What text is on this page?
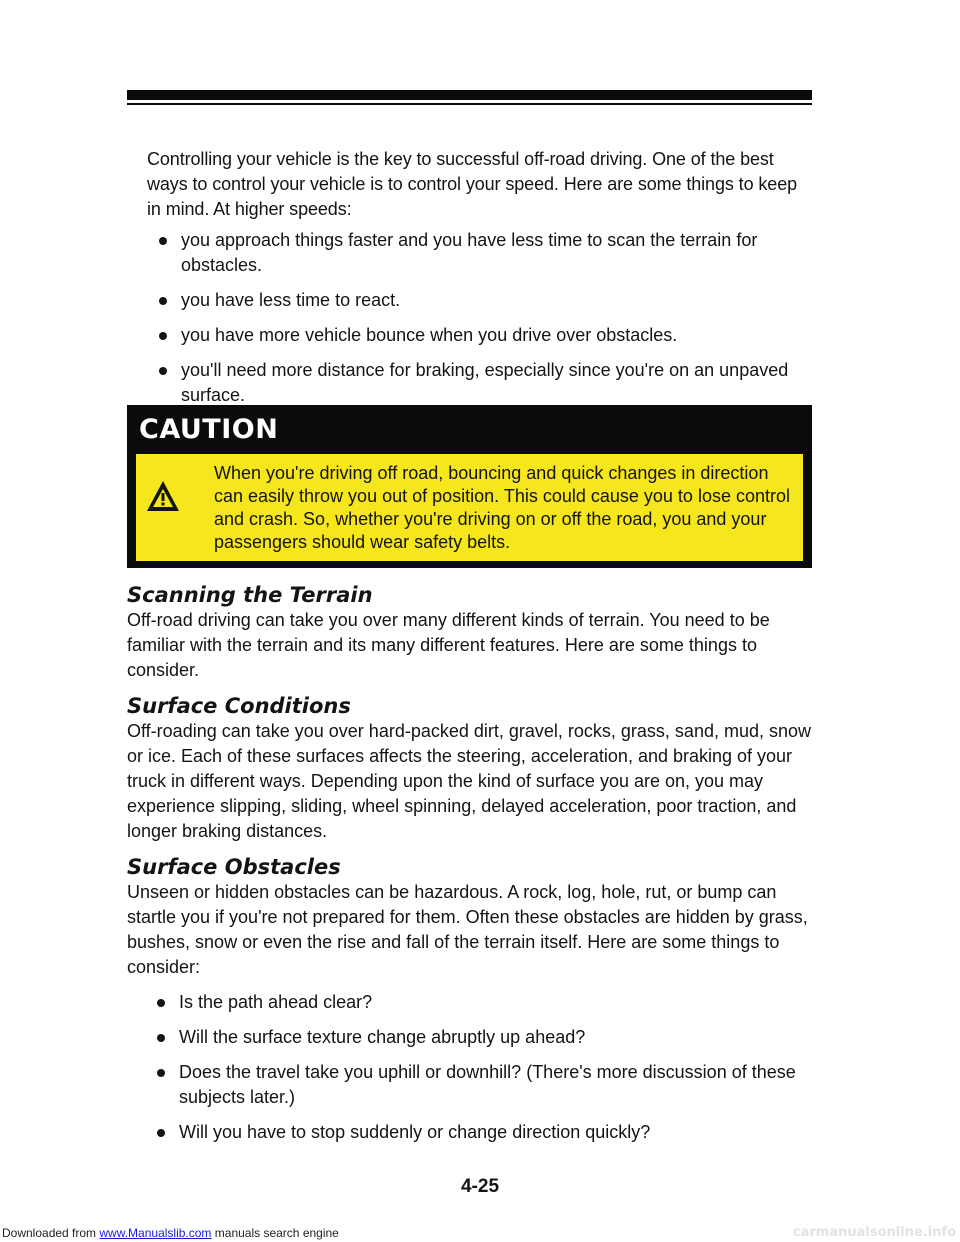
Controlling your vehicle is the key to successful off-road driving. One of the best ways to control your vehicle is to control your speed. Here are some things to keep in mind. At higher speeds:

you approach things faster and you have less time to scan the terrain for obstacles.
you have less time to react.
you have more vehicle bounce when you drive over obstacles.
you'll need more distance for braking, especially since you're on an unpaved surface.
CAUTION
When you're driving off road, bouncing and quick changes in direction can easily throw you out of position. This could cause you to lose control and crash. So, whether you're driving on or off the road, you and your passengers should wear safety belts.
Scanning the Terrain

Off-road driving can take you over many different kinds of terrain. You need to be familiar with the terrain and its many different features. Here are some things to consider.

Surface Conditions

Off-roading can take you over hard-packed dirt, gravel, rocks, grass, sand, mud, snow or ice. Each of these surfaces affects the steering, acceleration, and braking of your truck in different ways. Depending upon the kind of surface you are on, you may experience slipping, sliding, wheel spinning, delayed acceleration, poor traction, and longer braking distances.

Surface Obstacles

Unseen or hidden obstacles can be hazardous. A rock, log, hole, rut, or bump can startle you if you're not prepared for them. Often these obstacles are hidden by grass, bushes, snow or even the rise and fall of the terrain itself. Here are some things to consider:

Is the path ahead clear?
Will the surface texture change abruptly up ahead?
Does the travel take you uphill or downhill? (There's more discussion of these subjects later.)
Will you have to stop suddenly or change direction quickly?
4-25
Downloaded from www.Manualslib.com manuals search engine	carmanualsonline.info
